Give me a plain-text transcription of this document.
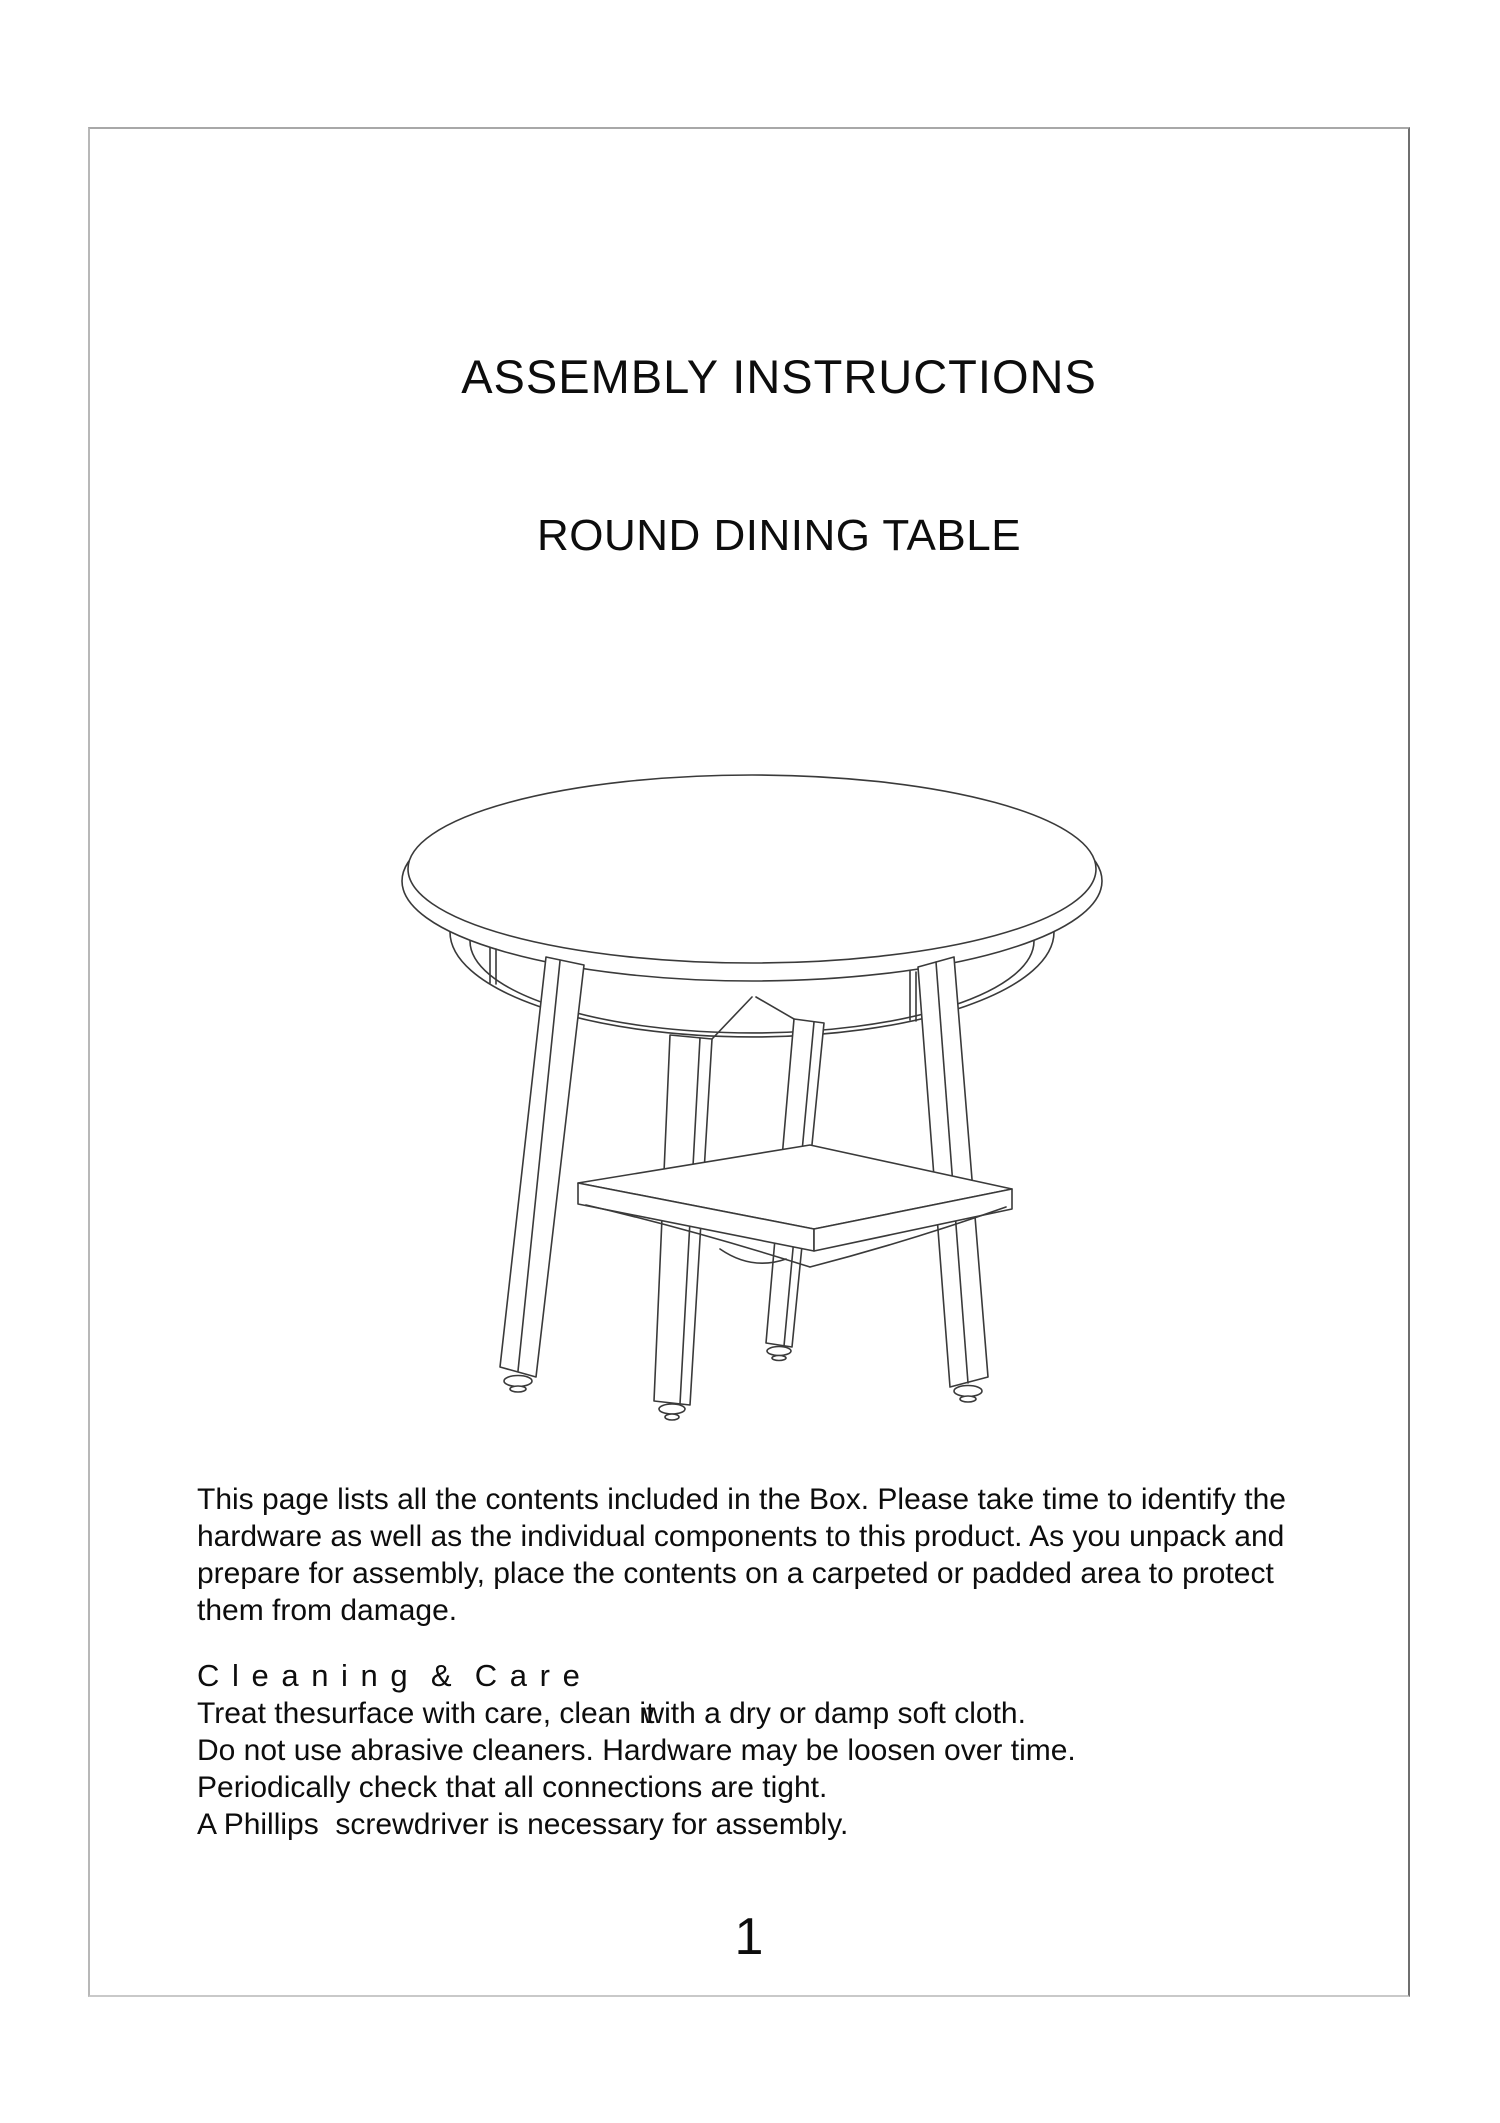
ASSEMBLY INSTRUCTIONS
ROUND DINING TABLE
This page lists all the contents included in the Box. Please take time to identify the
hardware as well as the individual components to this product. As you unpack and
prepare for assembly, place the contents on a carpeted or padded area to protect
them from damage.
C l e a n i n g  &  C a r e
Treat thesurface with care, clean itwith a dry or damp soft cloth.
Do not use abrasive cleaners. Hardware may be loosen over time.
Periodically check that all connections are tight.
A Phillips  screwdriver is necessary for assembly.
1
